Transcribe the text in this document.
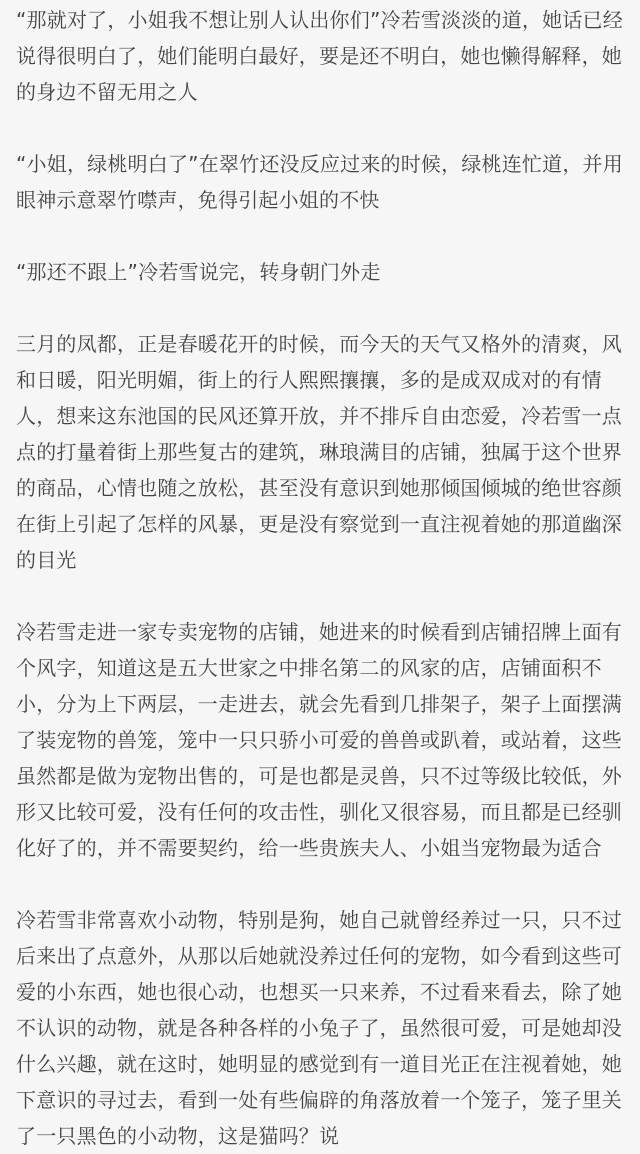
“那就对了，小姐我不想让别人认出你们”冷若雪淡淡的道，她话已经说得很明白了，她们能明白最好，要是还不明白，她也懒得解释，她的身边不留无用之人

“小姐，绿桃明白了”在翠竹还没反应过来的时候，绿桃连忙道，并用眼神示意翠竹噤声，免得引起小姐的不快

“那还不跟上”冷若雪说完，转身朝门外走

三月的凤都，正是春暖花开的时候，而今天的天气又格外的清爽，风和日暖，阳光明媚，街上的行人熙熙攘攘，多的是成双成对的有情人，想来这东池国的民风还算开放，并不排斥自由恋爱，冷若雪一点点的打量着街上那些复古的建筑，琳琅满目的店铺，独属于这个世界的商品，心情也随之放松，甚至没有意识到她那倾国倾城的绝世容颜在街上引起了怎样的风暴，更是没有察觉到一直注视着她的那道幽深的目光

冷若雪走进一家专卖宠物的店铺，她进来的时候看到店铺招牌上面有个风字，知道这是五大世家之中排名第二的风家的店，店铺面积不小，分为上下两层，一走进去，就会先看到几排架子，架子上面摆满了装宠物的兽笼，笼中一只只骄小可爱的兽兽或趴着，或站着，这些虽然都是做为宠物出售的，可是也都是灵兽，只不过等级比较低，外形又比较可爱，没有任何的攻击性，驯化又很容易，而且都是已经驯化好了的，并不需要契约，给一些贵族夫人、小姐当宠物最为适合

冷若雪非常喜欢小动物，特别是狗，她自己就曾经养过一只，只不过后来出了点意外，从那以后她就没养过任何的宠物，如今看到这些可爱的小东西，她也很心动，也想买一只来养，不过看来看去，除了她不认识的动物，就是各种各样的小兔子了，虽然很可爱，可是她却没什么兴趣，就在这时，她明显的感觉到有一道目光正在注视着她，她下意识的寻过去，看到一处有些偏辟的角落放着一个笼子，笼子里关了一只黑色的小动物，这是猫吗？说
